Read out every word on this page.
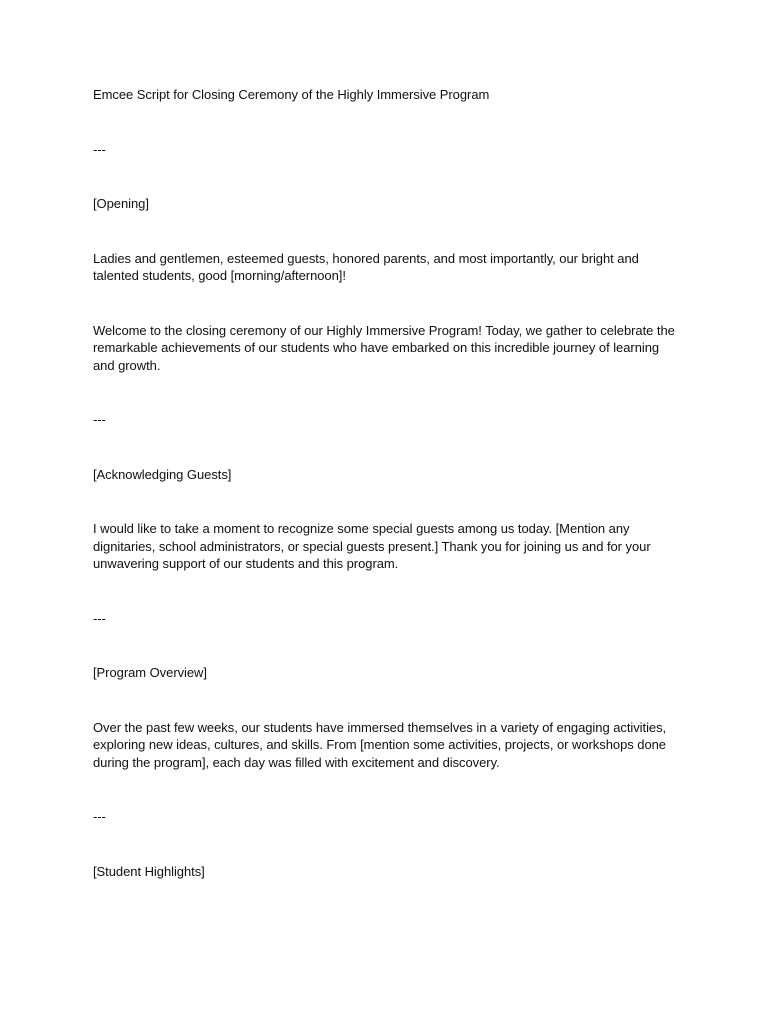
Emcee Script for Closing Ceremony of the Highly Immersive Program

---

[Opening]

Ladies and gentlemen, esteemed guests, honored parents, and most importantly, our bright and talented students, good [morning/afternoon]!

Welcome to the closing ceremony of our Highly Immersive Program! Today, we gather to celebrate the remarkable achievements of our students who have embarked on this incredible journey of learning and growth.

---

[Acknowledging Guests]

I would like to take a moment to recognize some special guests among us today. [Mention any dignitaries, school administrators, or special guests present.] Thank you for joining us and for your unwavering support of our students and this program.

---

[Program Overview]

Over the past few weeks, our students have immersed themselves in a variety of engaging activities, exploring new ideas, cultures, and skills. From [mention some activities, projects, or workshops done during the program], each day was filled with excitement and discovery.

---

[Student Highlights]
